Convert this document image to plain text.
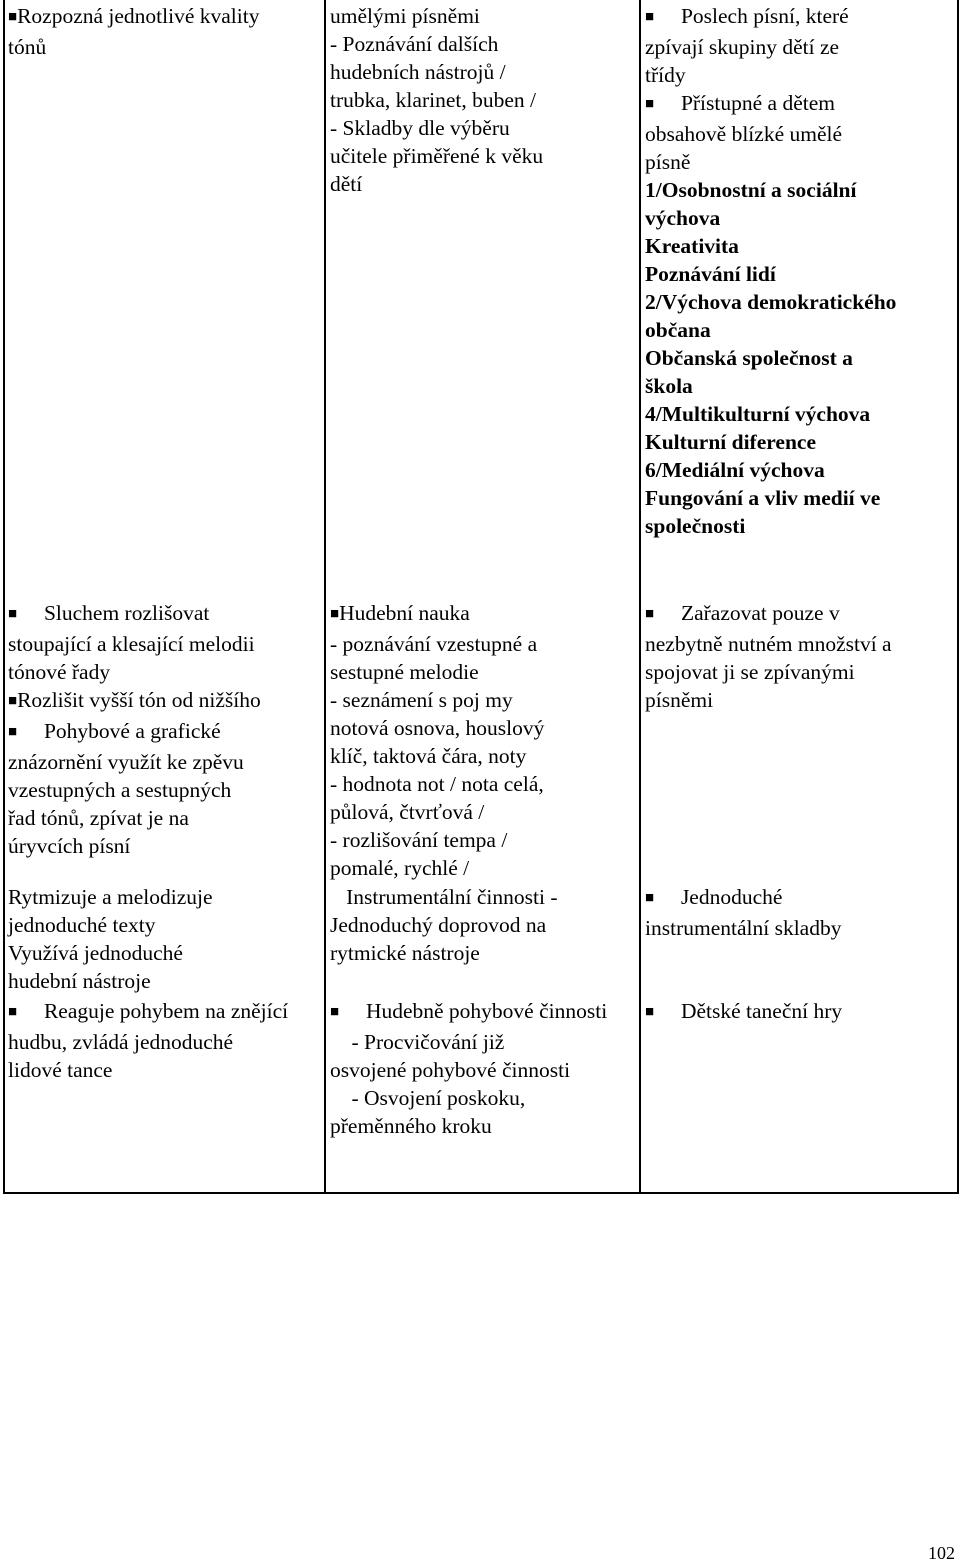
■ Rozpozná jednotlivé kvality
tónů
umělými písněmi
- Poznávání dalších
hudebních nástrojů /
trubka, klarinet, buben /
- Skladby dle výběru
učitele přiměřené k věku
dětí
■      Poslech písní, které
zpívají skupiny dětí ze
třídy
■      Přístupné a dětem
obsahově blízké umělé
písně
1/Osobnostní a sociální
výchova
Kreativita
Poznávání lidí
2/Výchova demokratického
občana
Občanská společnost a
škola
4/Multikulturní výchova
Kulturní diference
6/Mediální výchova
Fungování a vliv medií ve
společnosti
■      Sluchem rozlišovat
stoupající a klesající melodii
tónové řady
■ Rozlišit vyšší tón od nižšího
■      Pohybové a grafické
znázornění využít ke zpěvu
vzestupných a sestupných
řad tónů, zpívat je na
úryvcích písní
■ Hudební nauka
- poznávání vzestupné a
sestupné melodie
- seznámení s poj my
notová osnova, houslový
klíč, taktová čára, noty
- hodnota not / nota celá,
půlová, čtvrťová /
- rozlišování tempa /
pomalé, rychlé /
■      Zařazovat pouze v
nezbytně nutném množství a
spojovat ji se zpívanými
písněmi
Rytmizuje a melodizuje
jednoduché texty
Využívá jednoduché
hudební nástroje
Instrumentální činnosti -
Jednoduchý doprovod na
rytmické nástroje
■      Jednoduché
instrumentální skladby
■      Reaguje pohybem na znějící
hudbu, zvládá jednoduché
lidové tance
■      Hudebně pohybové činnosti
- Procvičování již
osvojené pohybové činnosti
- Osvojení poskoku,
přeměnného kroku
■      Dětské taneční hry
102
